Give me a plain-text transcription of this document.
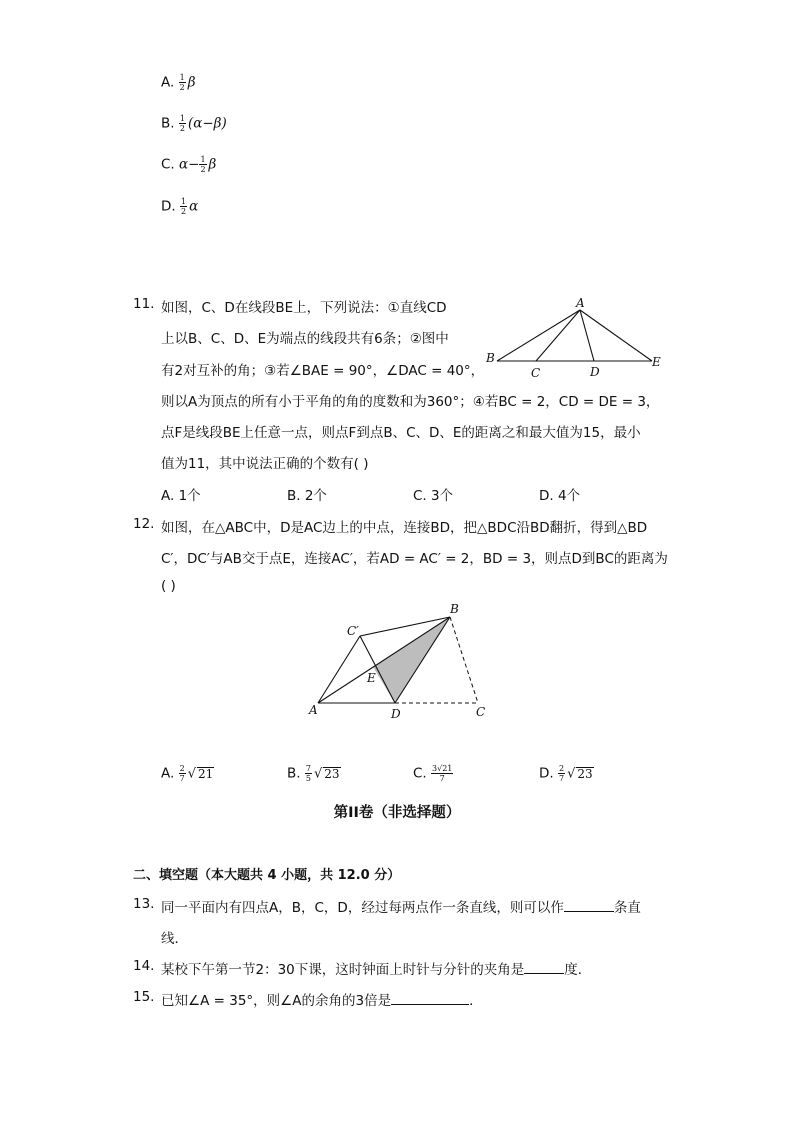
A. $\frac{1}{2}$ β
B. $\frac{1}{2} (\alpha-\beta)$
C. $\alpha- \frac{1}{2}$ β
D. $\frac{1}{2}$ α
11. 如图，C、D在线段BE上，下列说法：①直线CD
上以B、C、D、E为端点的线段共有6条；②图中
有2对互补的角；③若∠BAE = 90°，∠DAC = 40°，
则以A为顶点的所有小于平角的角的度数和为360°；④若BC = 2，CD = DE = 3，
点F是线段BE上任意一点，则点F到点B、C、D、E的距离之和最大值为15，最小
值为11，其中说法正确的个数有( )
A
B
C	D
E
A. 1个	B. 2个	C. 3个	D. 4个
12. 如图，在△ABC中，D是AC边上的中点，连接BD，把△BDC沿BD翻折，得到△BD
C′，DC′与AB交于点E，连接AC′，若AD = AC′ = 2，BD = 3，则点D到BC的距离为
( )
C′
B
E
A	D	C
A. $\frac{2}{7}$ √ 21	B. $\frac{7}{5}$ √ 23	C. $\frac{3√21}{7}$	D. $\frac{2}{7}$ √ 23
第II卷（非选择题）
二、填空题（本大题共 4 小题，共 12.0 分）
13. 同一平面内有四点A，B，C，D，经过每两点作一条直线，则可以作	条直
线．
14. 某校下午第一节2：30下课，这时钟面上时针与分针的夹角是	度．
15. 已知∠A = 35°，则∠A的余角的3倍是	．
